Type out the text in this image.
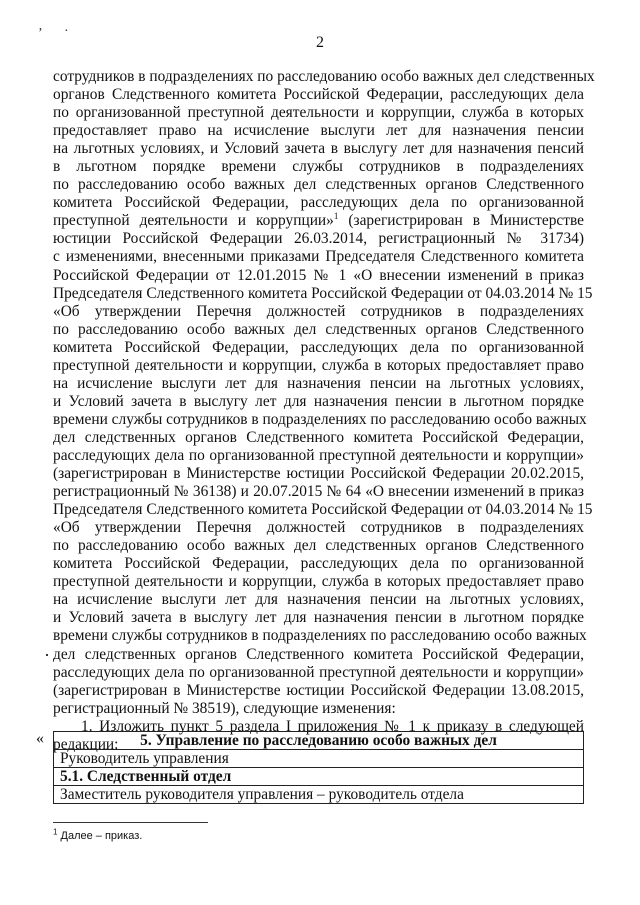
’ ·
2
сотрудников в подразделениях по расследованию особо важных дел следственных
органов Следственного комитета Российской Федерации, расследующих дела
по организованной преступной деятельности и коррупции, служба в которых
предоставляет право на исчисление выслуги лет для назначения пенсии
на льготных условиях, и Условий зачета в выслугу лет для назначения пенсий
в льготном порядке времени службы сотрудников в подразделениях
по расследованию особо важных дел следственных органов Следственного
комитета Российской Федерации, расследующих дела по организованной
преступной деятельности и коррупции»$^1$ (зарегистрирован в Министерстве
юстиции Российской Федерации 26.03.2014, регистрационный № 31734)
с изменениями, внесенными приказами Председателя Следственного комитета
Российской Федерации от 12.01.2015 № 1 «О внесении изменений в приказ
Председателя Следственного комитета Российской Федерации от 04.03.2014 № 15
«Об утверждении Перечня должностей сотрудников в подразделениях
по расследованию особо важных дел следственных органов Следственного
комитета Российской Федерации, расследующих дела по организованной
преступной деятельности и коррупции, служба в которых предоставляет право
на исчисление выслуги лет для назначения пенсии на льготных условиях,
и Условий зачета в выслугу лет для назначения пенсии в льготном порядке
времени службы сотрудников в подразделениях по расследованию особо важных
дел следственных органов Следственного комитета Российской Федерации,
расследующих дела по организованной преступной деятельности и коррупции»
(зарегистрирован в Министерстве юстиции Российской Федерации 20.02.2015,
регистрационный № 36138) и 20.07.2015 № 64 «О внесении изменений в приказ
Председателя Следственного комитета Российской Федерации от 04.03.2014 № 15
«Об утверждении Перечня должностей сотрудников в подразделениях
по расследованию особо важных дел следственных органов Следственного
комитета Российской Федерации, расследующих дела по организованной
преступной деятельности и коррупции, служба в которых предоставляет право
на исчисление выслуги лет для назначения пенсии на льготных условиях,
и Условий зачета в выслугу лет для назначения пенсии в льготном порядке
времени службы сотрудников в подразделениях по расследованию особо важных
дел следственных органов Следственного комитета Российской Федерации,
расследующих дела по организованной преступной деятельности и коррупции»
(зарегистрирован в Министерстве юстиции Российской Федерации 13.08.2015,
регистрационный № 38519), следующие изменения:
1. Изложить пункт 5 раздела I приложения № 1 к приказу в следующей
редакции:
·
«	5. Управление по расследованию особо важных дел
Руководитель управления
5.1. Следственный отдел
Заместитель руководителя управления – руководитель отдела
$^1$ Далее – приказ.
